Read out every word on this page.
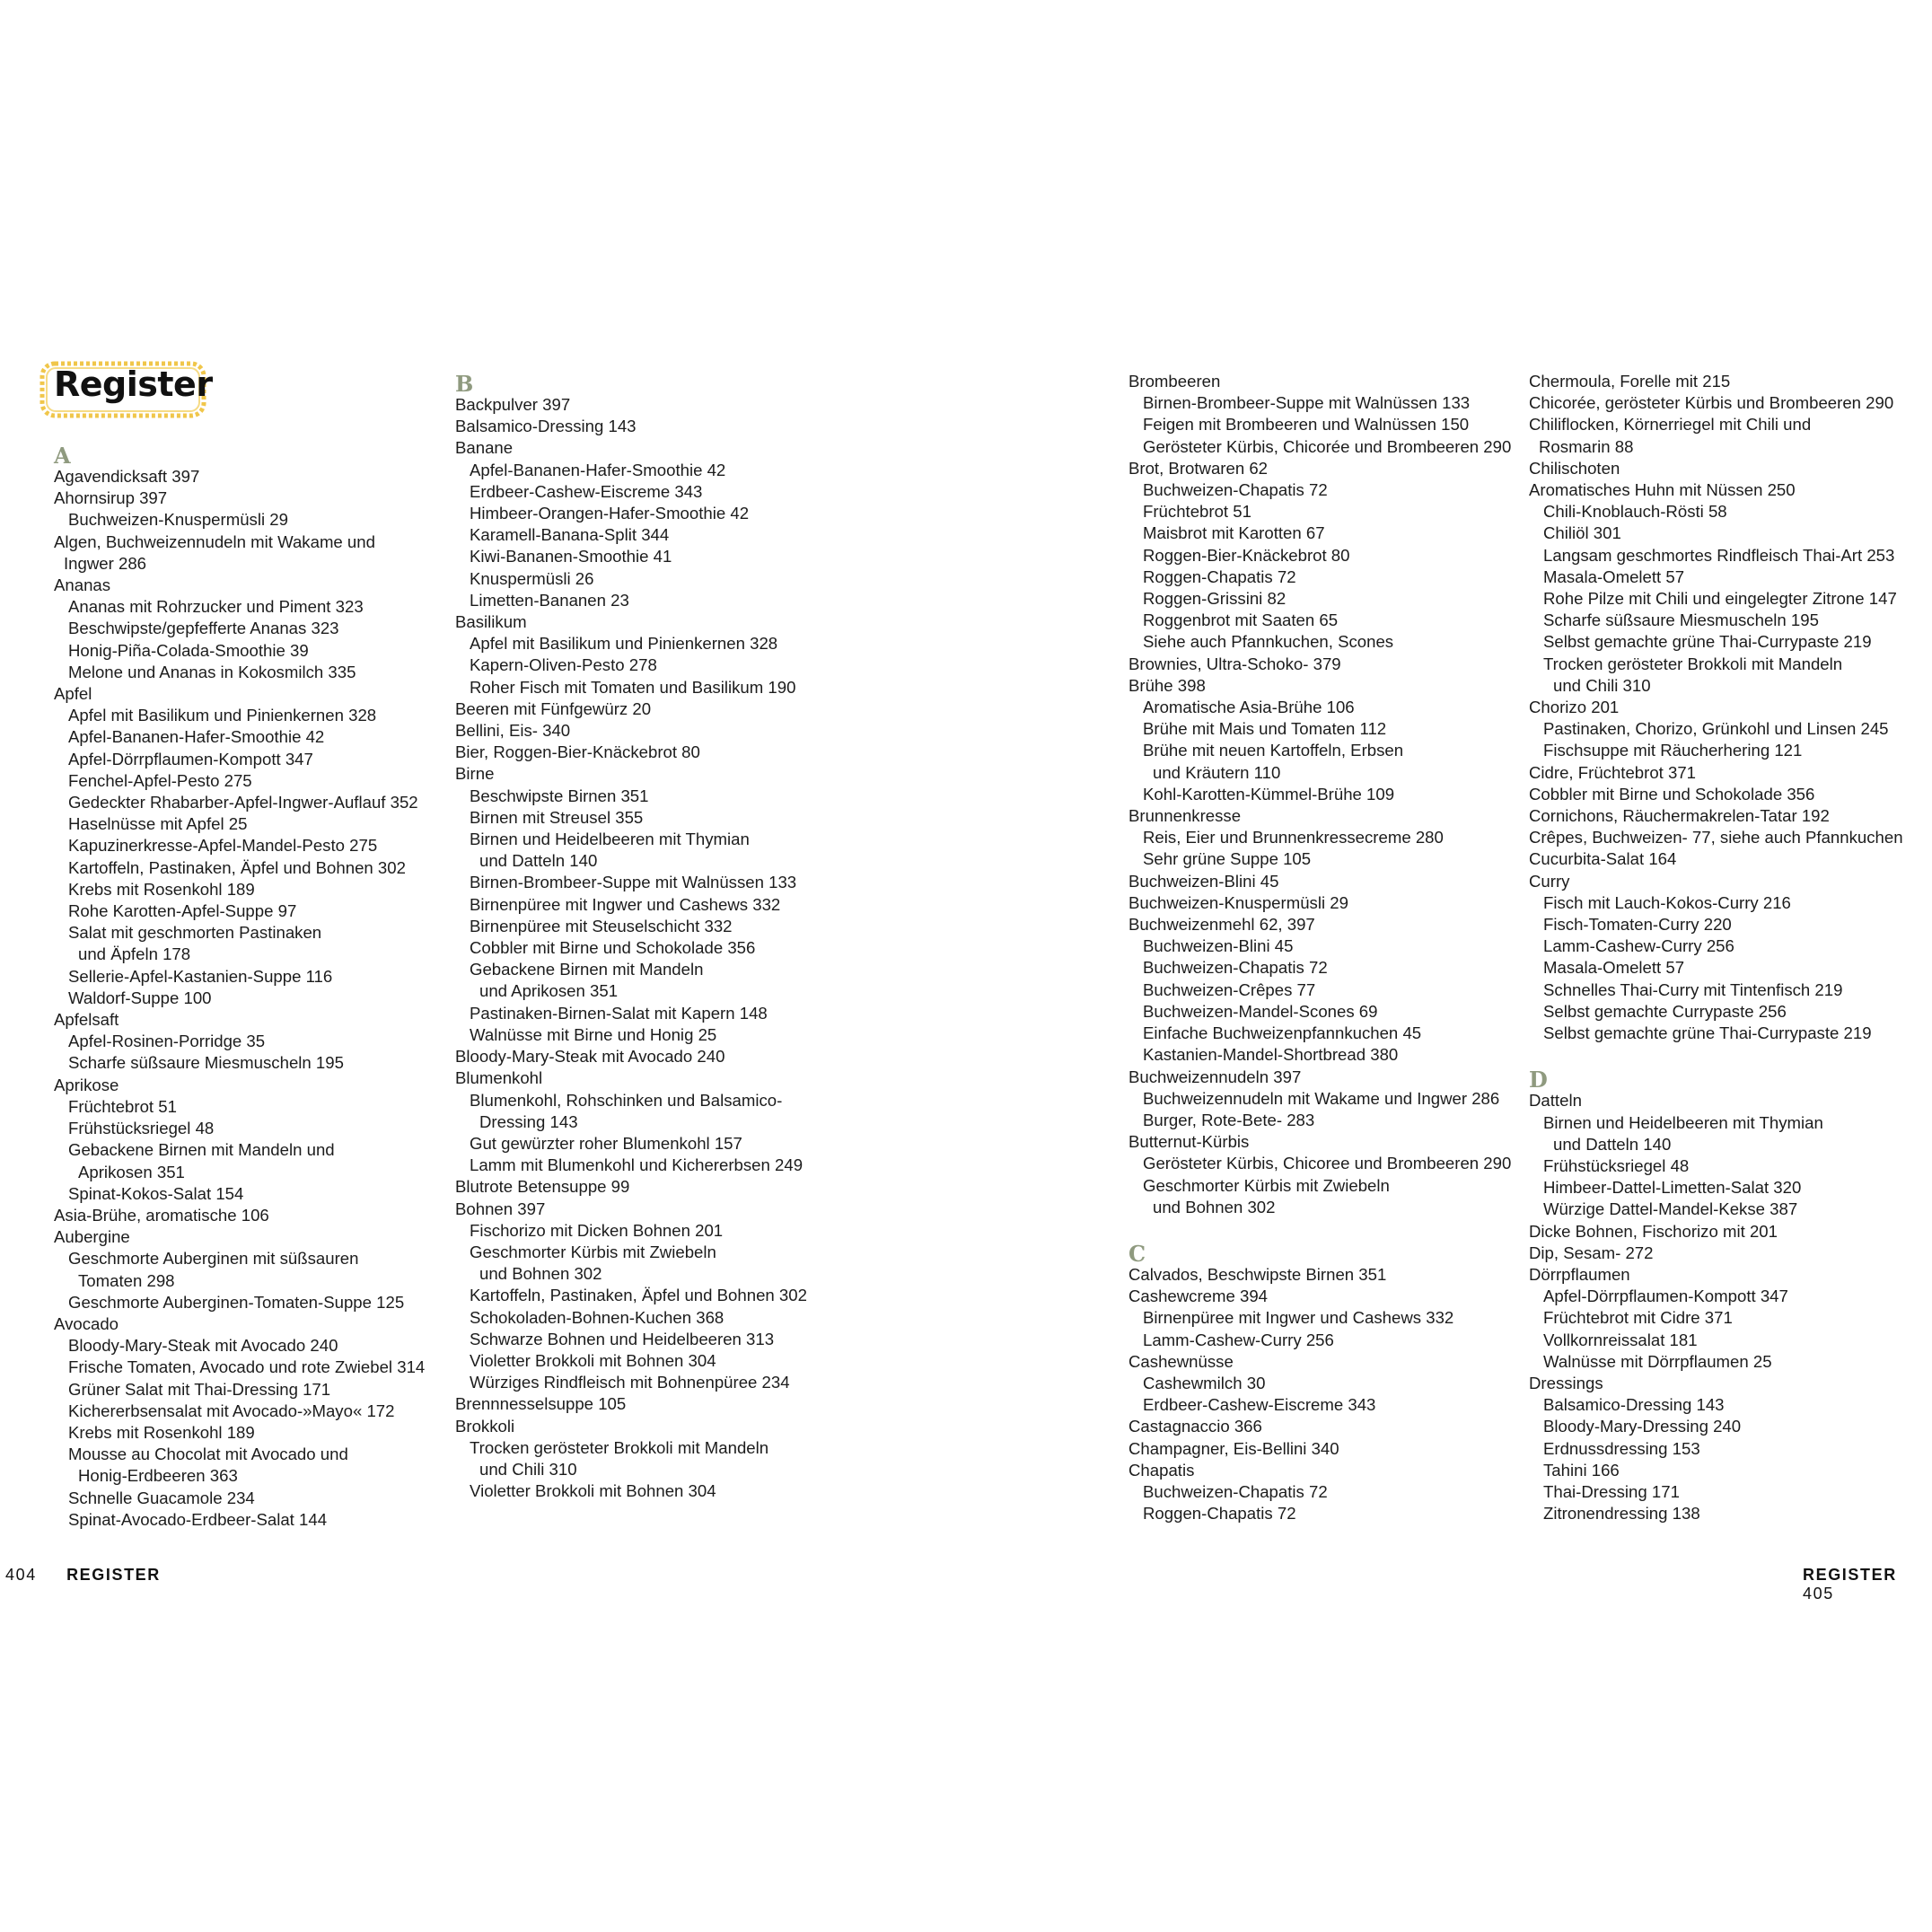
Register
A
Agavendicksaft 397
Ahornsirup 397
Buchweizen-Knuspermüsli 29
Algen, Buchweizennudeln mit Wakame und
Ingwer 286
Ananas
Ananas mit Rohrzucker und Piment 323
Beschwipste/gepfefferte Ananas 323
Honig-Piña-Colada-Smoothie 39
Melone und Ananas in Kokosmilch 335
Apfel
Apfel mit Basilikum und Pinienkernen 328
Apfel-Bananen-Hafer-Smoothie 42
Apfel-Dörrpflaumen-Kompott 347
Fenchel-Apfel-Pesto 275
Gedeckter Rhabarber-Apfel-Ingwer-Auflauf 352
Haselnüsse mit Apfel 25
Kapuzinerkresse-Apfel-Mandel-Pesto 275
Kartoffeln, Pastinaken, Äpfel und Bohnen 302
Krebs mit Rosenkohl 189
Rohe Karotten-Apfel-Suppe 97
Salat mit geschmorten Pastinaken
und Äpfeln 178
Sellerie-Apfel-Kastanien-Suppe 116
Waldorf-Suppe 100
Apfelsaft
Apfel-Rosinen-Porridge 35
Scharfe süßsaure Miesmuscheln 195
Aprikose
Früchtebrot 51
Frühstücksriegel 48
Gebackene Birnen mit Mandeln und
Aprikosen 351
Spinat-Kokos-Salat 154
Asia-Brühe, aromatische 106
Aubergine
Geschmorte Auberginen mit süßsauren
Tomaten 298
Geschmorte Auberginen-Tomaten-Suppe 125
Avocado
Bloody-Mary-Steak mit Avocado 240
Frische Tomaten, Avocado und rote Zwiebel 314
Grüner Salat mit Thai-Dressing 171
Kichererbsensalat mit Avocado-»Mayo« 172
Krebs mit Rosenkohl 189
Mousse au Chocolat mit Avocado und
Honig-Erdbeeren 363
Schnelle Guacamole 234
Spinat-Avocado-Erdbeer-Salat 144
B
Backpulver 397
Balsamico-Dressing 143
Banane
Apfel-Bananen-Hafer-Smoothie 42
Erdbeer-Cashew-Eiscreme 343
Himbeer-Orangen-Hafer-Smoothie 42
Karamell-Banana-Split 344
Kiwi-Bananen-Smoothie 41
Knuspermüsli 26
Limetten-Bananen 23
Basilikum
Apfel mit Basilikum und Pinienkernen 328
Kapern-Oliven-Pesto 278
Roher Fisch mit Tomaten und Basilikum 190
Beeren mit Fünfgewürz 20
Bellini, Eis- 340
Bier, Roggen-Bier-Knäckebrot 80
Birne
Beschwipste Birnen 351
Birnen mit Streusel 355
Birnen und Heidelbeeren mit Thymian
und Datteln 140
Birnen-Brombeer-Suppe mit Walnüssen 133
Birnenpüree mit Ingwer und Cashews 332
Birnenpüree mit Steuselschicht 332
Cobbler mit Birne und Schokolade 356
Gebackene Birnen mit Mandeln
und Aprikosen 351
Pastinaken-Birnen-Salat mit Kapern 148
Walnüsse mit Birne und Honig 25
Bloody-Mary-Steak mit Avocado 240
Blumenkohl
Blumenkohl, Rohschinken und Balsamico-
Dressing 143
Gut gewürzter roher Blumenkohl 157
Lamm mit Blumenkohl und Kichererbsen 249
Blutrote Betensuppe 99
Bohnen 397
Fischorizo mit Dicken Bohnen 201
Geschmorter Kürbis mit Zwiebeln
und Bohnen 302
Kartoffeln, Pastinaken, Äpfel und Bohnen 302
Schokoladen-Bohnen-Kuchen 368
Schwarze Bohnen und Heidelbeeren 313
Violetter Brokkoli mit Bohnen 304
Würziges Rindfleisch mit Bohnenpüree 234
Brennnesselsuppe 105
Brokkoli
Trocken gerösteter Brokkoli mit Mandeln
und Chili 310
Violetter Brokkoli mit Bohnen 304
Brombeeren
Birnen-Brombeer-Suppe mit Walnüssen 133
Feigen mit Brombeeren und Walnüssen 150
Gerösteter Kürbis, Chicorée und Brombeeren 290
Brot, Brotwaren 62
Buchweizen-Chapatis 72
Früchtebrot 51
Maisbrot mit Karotten 67
Roggen-Bier-Knäckebrot 80
Roggen-Chapatis 72
Roggen-Grissini 82
Roggenbrot mit Saaten 65
Siehe auch Pfannkuchen, Scones
Brownies, Ultra-Schoko- 379
Brühe 398
Aromatische Asia-Brühe 106
Brühe mit Mais und Tomaten 112
Brühe mit neuen Kartoffeln, Erbsen
und Kräutern 110
Kohl-Karotten-Kümmel-Brühe 109
Brunnenkresse
Reis, Eier und Brunnenkressecreme 280
Sehr grüne Suppe 105
Buchweizen-Blini 45
Buchweizen-Knuspermüsli 29
Buchweizenmehl 62, 397
Buchweizen-Blini 45
Buchweizen-Chapatis 72
Buchweizen-Crêpes 77
Buchweizen-Mandel-Scones 69
Einfache Buchweizenpfannkuchen 45
Kastanien-Mandel-Shortbread 380
Buchweizennudeln 397
Buchweizennudeln mit Wakame und Ingwer 286
Burger, Rote-Bete- 283
Butternut-Kürbis
Gerösteter Kürbis, Chicoree und Brombeeren 290
Geschmorter Kürbis mit Zwiebeln
und Bohnen 302
C
Calvados, Beschwipste Birnen 351
Cashewcreme 394
Birnenpüree mit Ingwer und Cashews 332
Lamm-Cashew-Curry 256
Cashewnüsse
Cashewmilch 30
Erdbeer-Cashew-Eiscreme 343
Castagnaccio 366
Champagner, Eis-Bellini 340
Chapatis
Buchweizen-Chapatis 72
Roggen-Chapatis 72
Chermoula, Forelle mit 215
Chicorée, gerösteter Kürbis und Brombeeren 290
Chiliflocken, Körnerriegel mit Chili und
Rosmarin 88
Chilischoten
Aromatisches Huhn mit Nüssen 250
Chili-Knoblauch-Rösti 58
Chiliöl 301
Langsam geschmortes Rindfleisch Thai-Art 253
Masala-Omelett 57
Rohe Pilze mit Chili und eingelegter Zitrone 147
Scharfe süßsaure Miesmuscheln 195
Selbst gemachte grüne Thai-Currypaste 219
Trocken gerösteter Brokkoli mit Mandeln
und Chili 310
Chorizo 201
Pastinaken, Chorizo, Grünkohl und Linsen 245
Fischsuppe mit Räucherhering 121
Cidre, Früchtebrot 371
Cobbler mit Birne und Schokolade 356
Cornichons, Räuchermakrelen-Tatar 192
Crêpes, Buchweizen- 77, siehe auch Pfannkuchen
Cucurbita-Salat 164
Curry
Fisch mit Lauch-Kokos-Curry 216
Fisch-Tomaten-Curry 220
Lamm-Cashew-Curry 256
Masala-Omelett 57
Schnelles Thai-Curry mit Tintenfisch 219
Selbst gemachte Currypaste 256
Selbst gemachte grüne Thai-Currypaste 219
D
Datteln
Birnen und Heidelbeeren mit Thymian
und Datteln 140
Frühstücksriegel 48
Himbeer-Dattel-Limetten-Salat 320
Würzige Dattel-Mandel-Kekse 387
Dicke Bohnen, Fischorizo mit 201
Dip, Sesam- 272
Dörrpflaumen
Apfel-Dörrpflaumen-Kompott 347
Früchtebrot mit Cidre 371
Vollkornreissalat 181
Walnüsse mit Dörrpflaumen 25
Dressings
Balsamico-Dressing 143
Bloody-Mary-Dressing 240
Erdnussdressing 153
Tahini 166
Thai-Dressing 171
Zitronendressing 138
404 REGISTER	REGISTER  405
